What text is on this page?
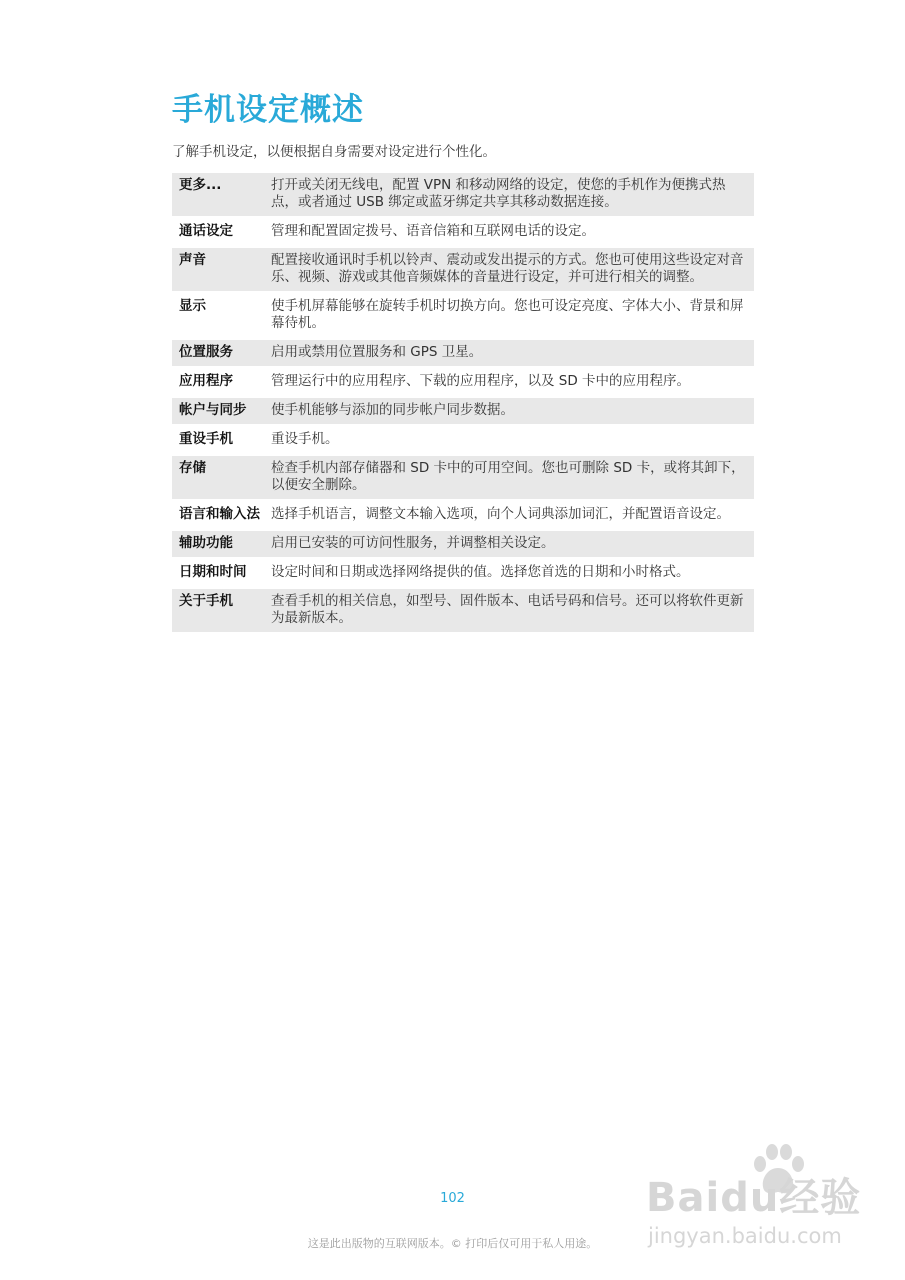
手机设定概述

了解手机设定，以便根据自身需要对设定进行个性化。

更多...	打开或关闭无线电，配置 VPN 和移动网络的设定，使您的手机作为便携式热点，或者通过 USB 绑定或蓝牙绑定共享其移动数据连接。
通话设定	管理和配置固定拨号、语音信箱和互联网电话的设定。
声音	配置接收通讯时手机以铃声、震动或发出提示的方式。您也可使用这些设定对音乐、视频、游戏或其他音频媒体的音量进行设定，并可进行相关的调整。
显示	使手机屏幕能够在旋转手机时切换方向。您也可设定亮度、字体大小、背景和屏幕待机。
位置服务	启用或禁用位置服务和 GPS 卫星。
应用程序	管理运行中的应用程序、下载的应用程序，以及 SD 卡中的应用程序。
帐户与同步	使手机能够与添加的同步帐户同步数据。
重设手机	重设手机。
存储	检查手机内部存储器和 SD 卡中的可用空间。您也可删除 SD 卡，或将其卸下，以便安全删除。
语言和输入法 选择手机语言，调整文本输入选项，向个人词典添加词汇，并配置语音设定。
辅助功能	启用已安装的可访问性服务，并调整相关设定。
日期和时间	设定时间和日期或选择网络提供的值。选择您首选的日期和小时格式。
关于手机	查看手机的相关信息，如型号、固件版本、电话号码和信号。还可以将软件更新为最新版本。
102
这是此出版物的互联网版本。© 打印后仅可用于私人用途。
Baidu经验
jingyan.baidu.com
